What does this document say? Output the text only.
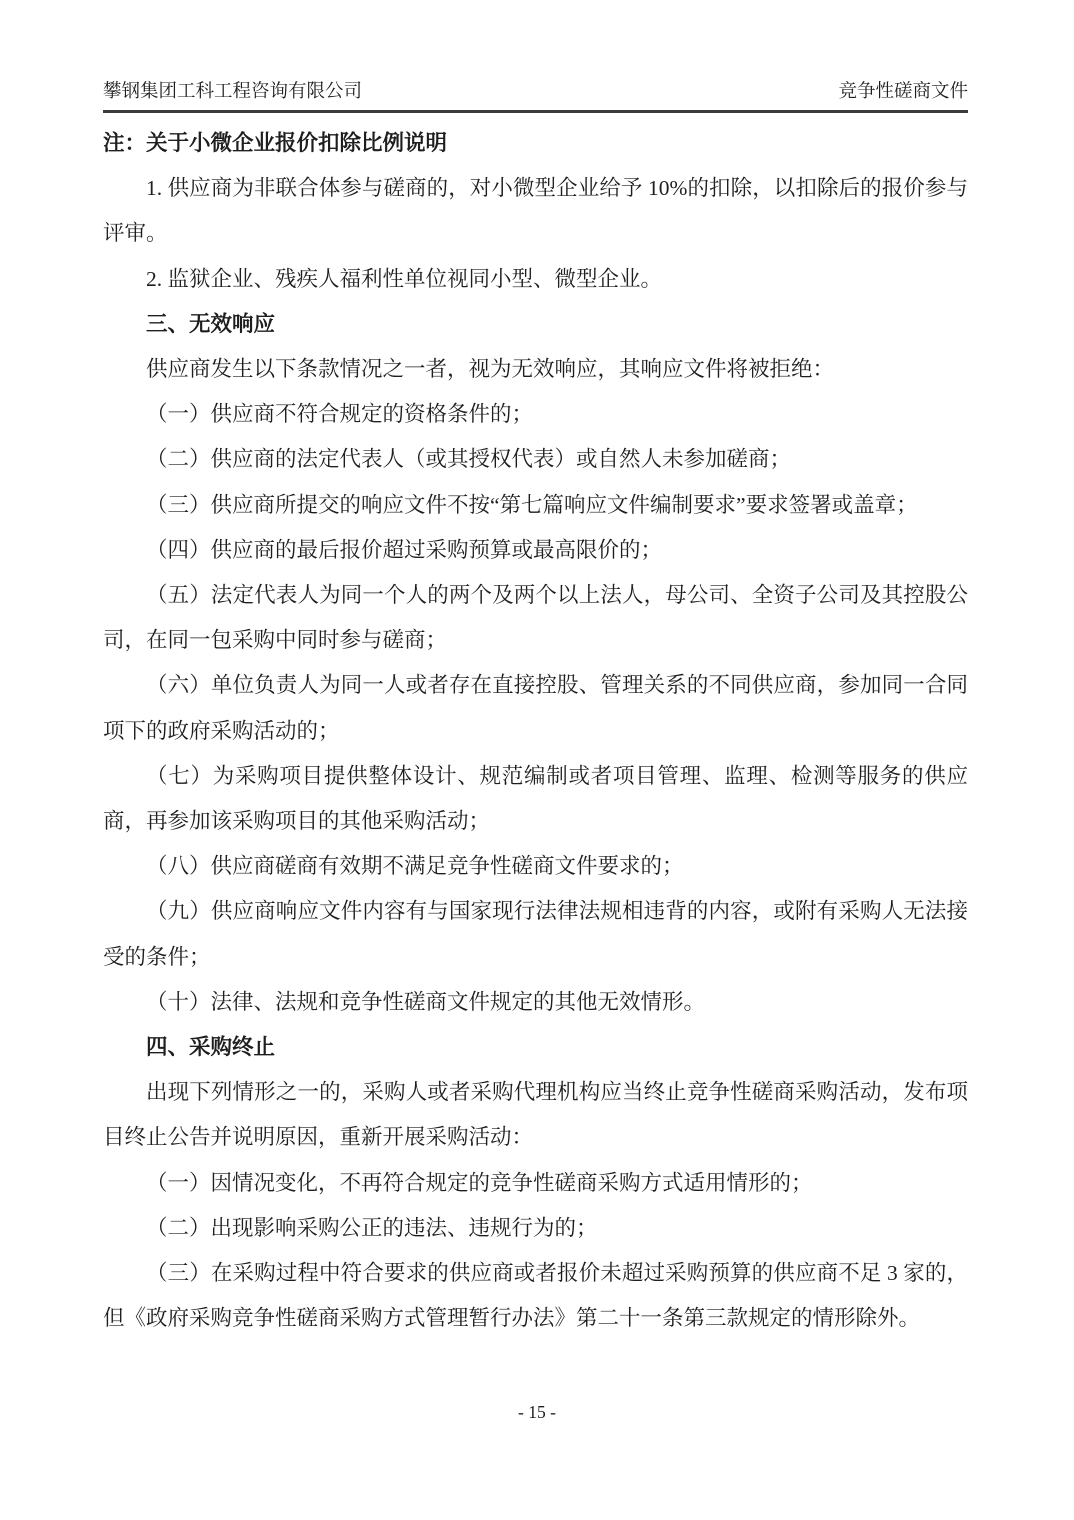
攀钢集团工科工程咨询有限公司	竞争性磋商文件

注：关于小微企业报价扣除比例说明

1. 供应商为非联合体参与磋商的，对小微型企业给予 10%的扣除，以扣除后的报价参与评审。

2. 监狱企业、残疾人福利性单位视同小型、微型企业。

三、无效响应

供应商发生以下条款情况之一者，视为无效响应，其响应文件将被拒绝：

（一）供应商不符合规定的资格条件的；

（二）供应商的法定代表人（或其授权代表）或自然人未参加磋商；

（三）供应商所提交的响应文件不按“第七篇响应文件编制要求”要求签署或盖章；

（四）供应商的最后报价超过采购预算或最高限价的；

（五）法定代表人为同一个人的两个及两个以上法人，母公司、全资子公司及其控股公司，在同一包采购中同时参与磋商；

（六）单位负责人为同一人或者存在直接控股、管理关系的不同供应商，参加同一合同项下的政府采购活动的；

（七）为采购项目提供整体设计、规范编制或者项目管理、监理、检测等服务的供应商，再参加该采购项目的其他采购活动；

（八）供应商磋商有效期不满足竞争性磋商文件要求的；

（九）供应商响应文件内容有与国家现行法律法规相违背的内容，或附有采购人无法接受的条件；

（十）法律、法规和竞争性磋商文件规定的其他无效情形。

四、采购终止

出现下列情形之一的，采购人或者采购代理机构应当终止竞争性磋商采购活动，发布项目终止公告并说明原因，重新开展采购活动：

（一）因情况变化，不再符合规定的竞争性磋商采购方式适用情形的；

（二）出现影响采购公正的违法、违规行为的；

（三）在采购过程中符合要求的供应商或者报价未超过采购预算的供应商不足 3 家的，但《政府采购竞争性磋商采购方式管理暂行办法》第二十一条第三款规定的情形除外。

- 15 -
